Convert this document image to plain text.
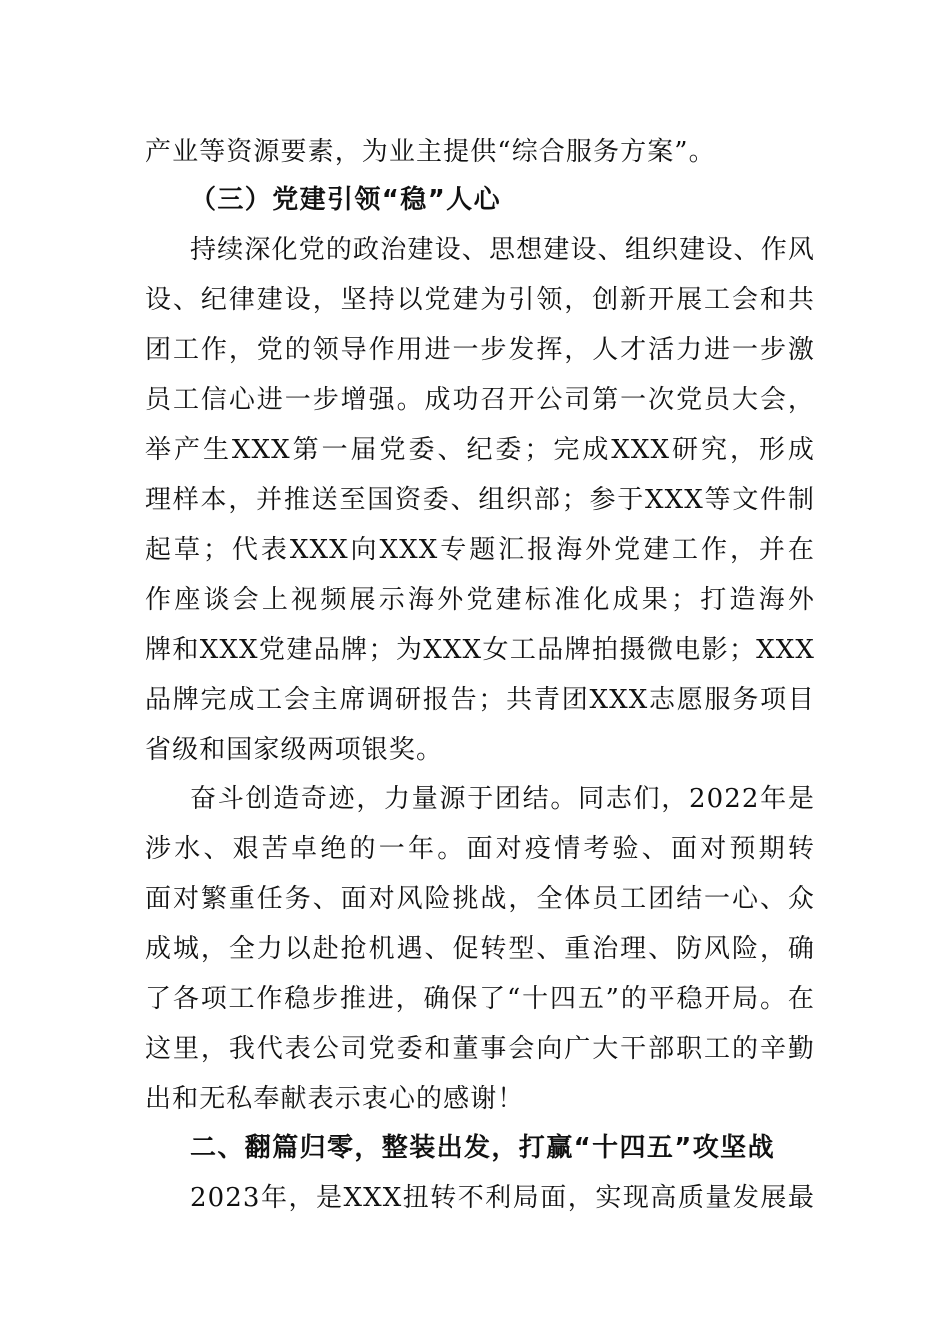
产业等资源要素，为业主提供“综合服务方案”。
（三）党建引领“稳”人心
持续深化党的政治建设、思想建设、组织建设、作风
设、纪律建设，坚持以党建为引领，创新开展工会和共
团工作，党的领导作用进一步发挥，人才活力进一步激
员工信心进一步增强。成功召开公司第一次党员大会，
举产生XXX第一届党委、纪委；完成XXX研究，形成
理样本，并推送至国资委、组织部；参于XXX等文件制
起草；代表XXX向XXX专题汇报海外党建工作，并在
作座谈会上视频展示海外党建标准化成果；打造海外
牌和XXX党建品牌；为XXX女工品牌拍摄微电影；XXX
品牌完成工会主席调研报告；共青团XXX志愿服务项目
省级和国家级两项银奖。
奋斗创造奇迹，力量源于团结。同志们，2022年是
涉水、艰苦卓绝的一年。面对疫情考验、面对预期转
面对繁重任务、面对风险挑战，全体员工团结一心、众
成城，全力以赴抢机遇、促转型、重治理、防风险，确
了各项工作稳步推进，确保了“十四五”的平稳开局。在
这里，我代表公司党委和董事会向广大干部职工的辛勤
出和无私奉献表示衷心的感谢！
二、翻篇归零，整装出发，打赢“十四五”攻坚战
2023年，是XXX扭转不利局面，实现高质量发展最
